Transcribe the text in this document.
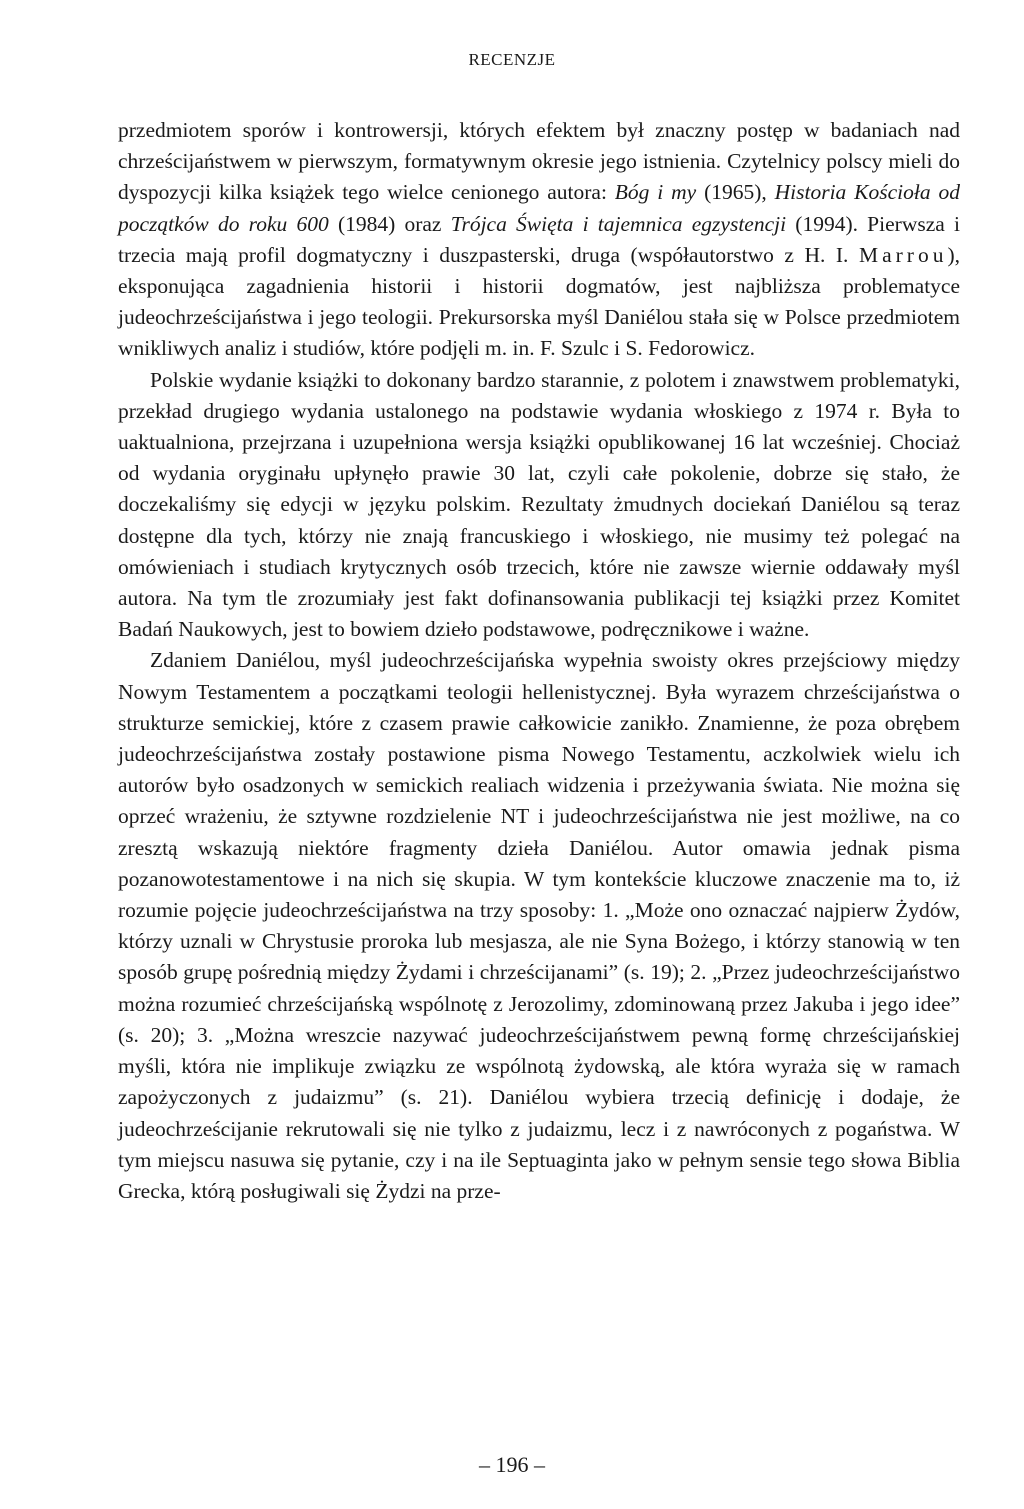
RECENZJE

przedmiotem sporów i kontrowersji, których efektem był znaczny postęp w badaniach nad chrześcijaństwem w pierwszym, formatywnym okresie jego istnienia. Czytelnicy polscy mieli do dyspozycji kilka książek tego wielce cenionego autora: Bóg i my (1965), Historia Kościoła od początków do roku 600 (1984) oraz Trójca Święta i tajemnica egzystencji (1994). Pierwsza i trzecia mają profil dogmatyczny i duszpasterski, druga (współautorstwo z H. I. Marrou), eksponująca zagadnienia historii i historii dogmatów, jest najbliższa problematyce judeochrześcijaństwa i jego teologii. Prekursorska myśl Daniélou stała się w Polsce przedmiotem wnikliwych analiz i studiów, które podjęli m. in. F. Szulc i S. Fedorowicz.

Polskie wydanie książki to dokonany bardzo starannie, z polotem i znawstwem problematyki, przekład drugiego wydania ustalonego na podstawie wydania włoskiego z 1974 r. Była to uaktualniona, przejrzana i uzupełniona wersja książki opublikowanej 16 lat wcześniej. Chociaż od wydania oryginału upłynęło prawie 30 lat, czyli całe pokolenie, dobrze się stało, że doczekaliśmy się edycji w języku polskim. Rezultaty żmudnych dociekań Daniélou są teraz dostępne dla tych, którzy nie znają francuskiego i włoskiego, nie musimy też polegać na omówieniach i studiach krytycznych osób trzecich, które nie zawsze wiernie oddawały myśl autora. Na tym tle zrozumiały jest fakt dofinansowania publikacji tej książki przez Komitet Badań Naukowych, jest to bowiem dzieło podstawowe, podręcznikowe i ważne.

Zdaniem Daniélou, myśl judeochrześcijańska wypełnia swoisty okres przejściowy między Nowym Testamentem a początkami teologii hellenistycznej. Była wyrazem chrześcijaństwa o strukturze semickiej, które z czasem prawie całkowicie zanikło. Znamienne, że poza obrębem judeochrześcijaństwa zostały postawione pisma Nowego Testamentu, aczkolwiek wielu ich autorów było osadzonych w semickich realiach widzenia i przeżywania świata. Nie można się oprzeć wrażeniu, że sztywne rozdzielenie NT i judeochrześcijaństwa nie jest możliwe, na co zresztą wskazują niektóre fragmenty dzieła Daniélou. Autor omawia jednak pisma pozanowotestamentowe i na nich się skupia. W tym kontekście kluczowe znaczenie ma to, iż rozumie pojęcie judeochrześcijaństwa na trzy sposoby: 1. „Może ono oznaczać najpierw Żydów, którzy uznali w Chrystusie proroka lub mesjasza, ale nie Syna Bożego, i którzy stanowią w ten sposób grupę pośrednią między Żydami i chrześcijanami” (s. 19); 2. „Przez judeochrześcijaństwo można rozumieć chrześcijańską wspólnotę z Jerozolimy, zdominowaną przez Jakuba i jego idee” (s. 20); 3. „Można wreszcie nazywać judeochrześcijaństwem pewną formę chrześcijańskiej myśli, która nie implikuje związku ze wspólnotą żydowską, ale która wyraża się w ramach zapożyczonych z judaizmu” (s. 21). Daniélou wybiera trzecią definicję i dodaje, że judeochrześcijanie rekrutowali się nie tylko z judaizmu, lecz i z nawróconych z pogaństwa. W tym miejscu nasuwa się pytanie, czy i na ile Septuaginta jako w pełnym sensie tego słowa Biblia Grecka, którą posługiwali się Żydzi na prze-

– 196 –
